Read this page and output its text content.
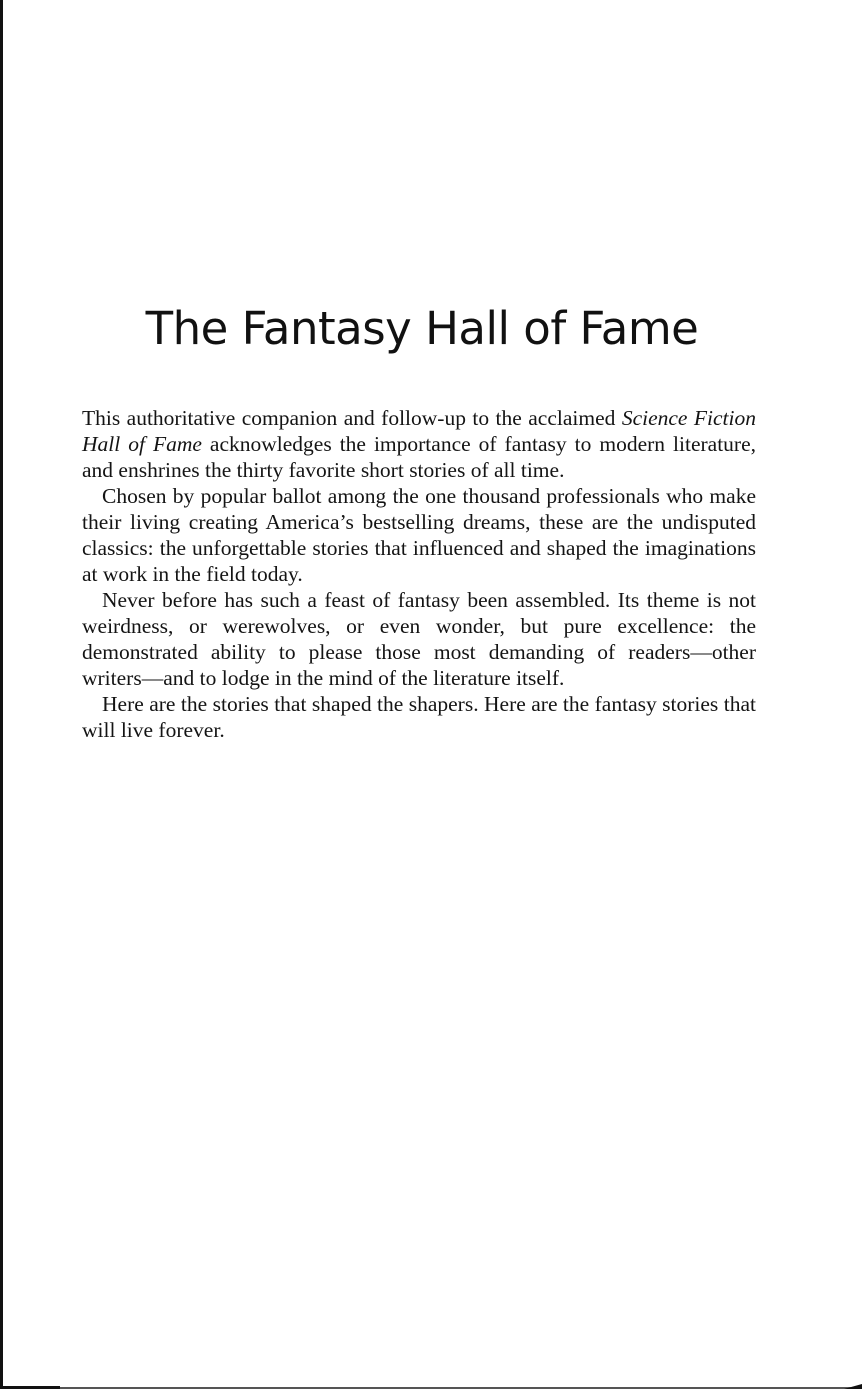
The Fantasy Hall of Fame

This authoritative companion and follow-up to the acclaimed Science Fiction Hall of Fame acknowledges the importance of fantasy to modern literature, and enshrines the thirty favorite short stories of all time.

Chosen by popular ballot among the one thousand professionals who make their living creating America’s bestselling dreams, these are the undisputed classics: the unforgettable stories that influenced and shaped the imaginations at work in the field today.

Never before has such a feast of fantasy been assembled. Its theme is not weirdness, or werewolves, or even wonder, but pure excellence: the demonstrated ability to please those most demanding of readers—other writers—and to lodge in the mind of the literature itself.

Here are the stories that shaped the shapers. Here are the fantasy stories that will live forever.
